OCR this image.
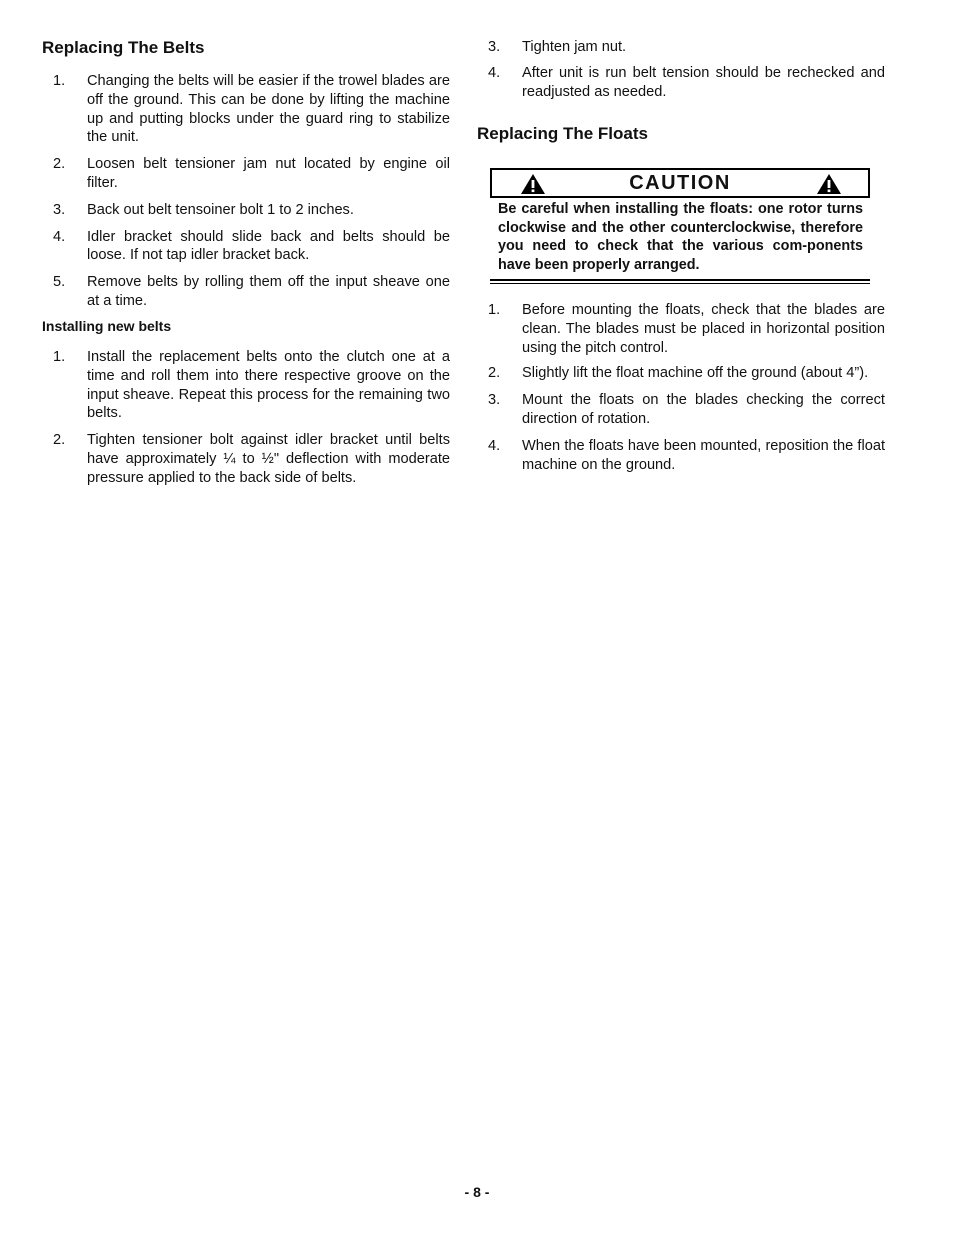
Replacing The Belts
1. Changing the belts will be easier if the trowel blades are off the ground. This can be done by lifting the machine up and putting blocks under the guard ring to stabilize the unit.
2. Loosen belt tensioner jam nut located by engine oil filter.
3. Back out belt tensoiner bolt 1 to 2 inches.
4. Idler bracket should slide back and belts should be loose. If not tap idler bracket back.
5. Remove belts by rolling them off the input sheave one at a time.
Installing new belts
1. Install the replacement belts onto the clutch one at a time and roll them into there respective groove on the input sheave. Repeat this process for the remaining two belts.
2. Tighten tensioner bolt against idler bracket until belts have approximately ¼ to ½" deflection with moderate pressure applied to the back side of belts.
3. Tighten jam nut.
4. After unit is run belt tension should be rechecked and readjusted as needed.
Replacing The Floats
CAUTION
Be careful when installing the floats: one rotor turns clockwise and the other counterclockwise, therefore you need to check that the various com-ponents have been properly arranged.
1. Before mounting the floats, check that the blades are clean. The blades must be placed in horizontal position using the pitch control.
2. Slightly lift the float machine off the ground (about 4”).
3. Mount the floats on the blades checking the correct direction of rotation.
4. When the floats have been mounted, reposition the float machine on the ground.
- 8 -
